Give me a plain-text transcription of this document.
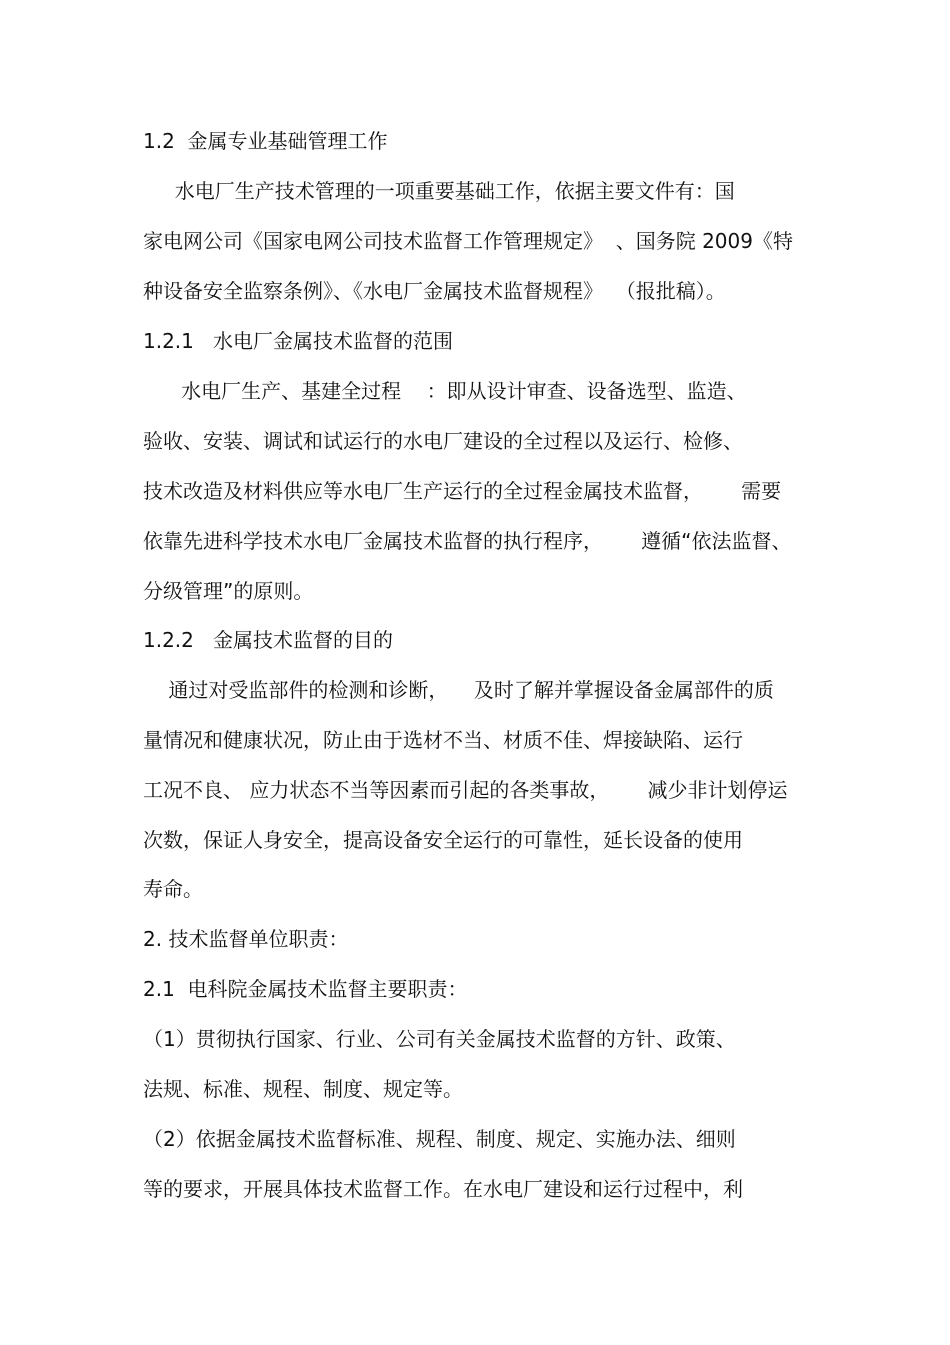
1.2  金属专业基础管理工作
水电厂生产技术管理的一项重要基础工作，依据主要文件有：国
家电网公司《国家电网公司技术监督工作管理规定》  、国务院 2009《特
种设备安全监察条例》、《水电厂金属技术监督规程》  （报批稿）。
1.2.1   水电厂金属技术监督的范围
水电厂生产、基建全过程    ：即从设计审查、设备选型、监造、
验收、安装、调试和试运行的水电厂建设的全过程以及运行、检修、
技术改造及材料供应等水电厂生产运行的全过程金属技术监督，      需要
依靠先进科学技术水电厂金属技术监督的执行程序，      遵循“依法监督、
分级管理”的原则。
1.2.2   金属技术监督的目的
通过对受监部件的检测和诊断，    及时了解并掌握设备金属部件的质
量情况和健康状况，防止由于选材不当、材质不佳、焊接缺陷、运行
工况不良、 应力状态不当等因素而引起的各类事故，      减少非计划停运
次数，保证人身安全，提高设备安全运行的可靠性，延长设备的使用
寿命。
2. 技术监督单位职责：
2.1  电科院金属技术监督主要职责：
（1）贯彻执行国家、行业、公司有关金属技术监督的方针、政策、
法规、标准、规程、制度、规定等。
（2）依据金属技术监督标准、规程、制度、规定、实施办法、细则
等的要求，开展具体技术监督工作。在水电厂建设和运行过程中，利
